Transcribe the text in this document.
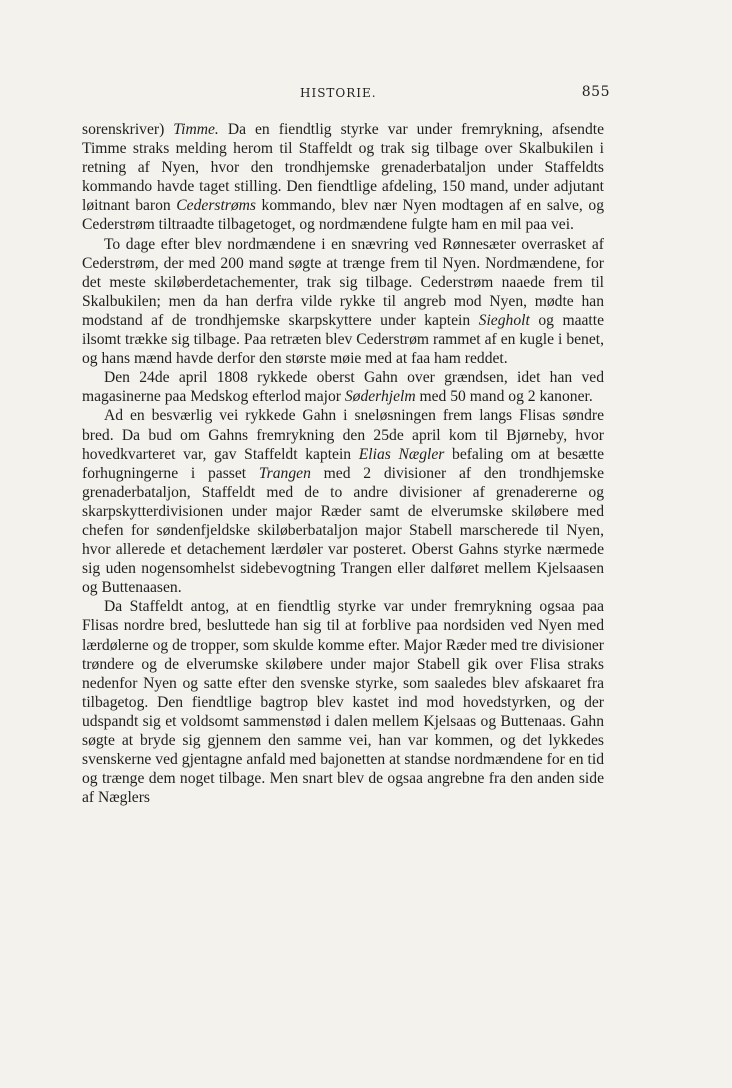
HISTORIE.	855

sorenskriver) Timme. Da en fiendtlig styrke var under fremrykning, afsendte Timme straks melding herom til Staffeldt og trak sig tilbage over Skalbukilen i retning af Nyen, hvor den trondhjemske grenaderbataljon under Staffeldts kommando havde taget stilling. Den fiendtlige afdeling, 150 mand, under adjutant løitnant baron Cederstrøms kommando, blev nær Nyen modtagen af en salve, og Cederstrøm tiltraadte tilbagetoget, og nordmændene fulgte ham en mil paa vei.

To dage efter blev nordmændene i en snævring ved Rønnesæter overrasket af Cederstrøm, der med 200 mand søgte at trænge frem til Nyen. Nordmændene, for det meste skiløberdetachementer, trak sig tilbage. Cederstrøm naaede frem til Skalbukilen; men da han derfra vilde rykke til angreb mod Nyen, mødte han modstand af de trondhjemske skarpskyttere under kaptein Siegholt og maatte ilsomt trække sig tilbage. Paa retræten blev Cederstrøm rammet af en kugle i benet, og hans mænd havde derfor den største møie med at faa ham reddet.

Den 24de april 1808 rykkede oberst Gahn over grændsen, idet han ved magasinerne paa Medskog efterlod major Søderhjelm med 50 mand og 2 kanoner.

Ad en besværlig vei rykkede Gahn i sneløsningen frem langs Flisas søndre bred. Da bud om Gahns fremrykning den 25de april kom til Bjørneby, hvor hovedkvarteret var, gav Staffeldt kaptein Elias Nægler befaling om at besætte forhugningerne i passet Trangen med 2 divisioner af den trondhjemske grenaderbataljon, Staffeldt med de to andre divisioner af grenadererne og skarpskytterdivisionen under major Ræder samt de elverumske skiløbere med chefen for søndenfjeldske skiløberbataljon major Stabell marscherede til Nyen, hvor allerede et detachement lærdøler var posteret. Oberst Gahns styrke nærmede sig uden nogensomhelst sidebevogtning Trangen eller dalføret mellem Kjelsaasen og Buttenaasen.

Da Staffeldt antog, at en fiendtlig styrke var under fremrykning ogsaa paa Flisas nordre bred, besluttede han sig til at forblive paa nordsiden ved Nyen med lærdølerne og de tropper, som skulde komme efter. Major Ræder med tre divisioner trøndere og de elverumske skiløbere under major Stabell gik over Flisa straks nedenfor Nyen og satte efter den svenske styrke, som saaledes blev afskaaret fra tilbagetog. Den fiendtlige bagtrop blev kastet ind mod hovedstyrken, og der udspandt sig et voldsomt sammenstød i dalen mellem Kjelsaas og Buttenaas. Gahn søgte at bryde sig gjennem den samme vei, han var kommen, og det lykkedes svenskerne ved gjentagne anfald med bajonetten at standse nordmændene for en tid og trænge dem noget tilbage. Men snart blev de ogsaa angrebne fra den anden side af Næglers
